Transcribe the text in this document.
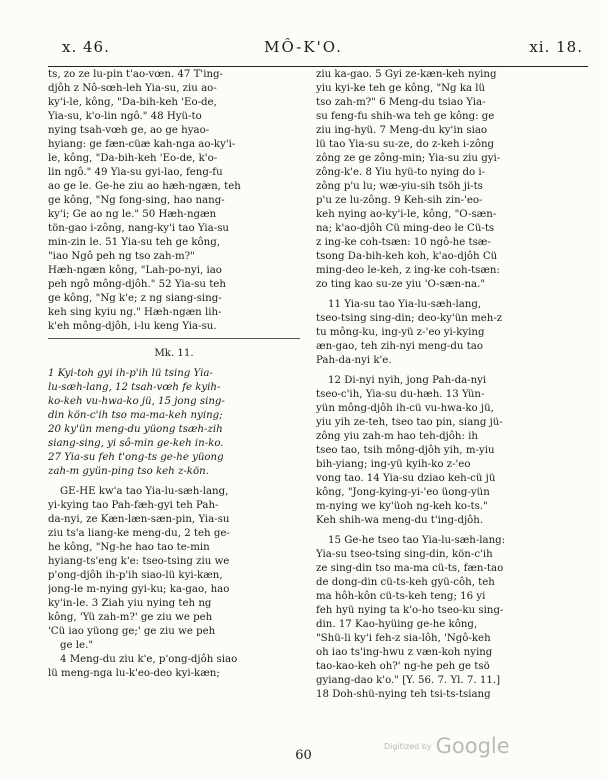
x. 46.	MÔ-K'O.	xi. 18.
ts, zo ze lu-pin t'ao-vœn. 47 T'ing-
djôh z Nô-sœh-leh Yia-su, ziu ao-
ky'i-le, kông, "Da-bih-keh 'Eo-de,
Yia-su, k'o-lin ngô." 48 Hyü-to
nying tsah-vœh ge, ao ge hyao-
hyiang: ge fæn-cüæ kah-nga ao-ky'i-
le, kông, "Da-bih-keh 'Eo-de, k'o-
lin ngô." 49 Yia-su gyi-lao, feng-fu
ao ge le. Ge-he ziu ao hæh-ngæn, teh
ge kông, "Ng fong-sing, hao nang-
ky'i; Ge ao ng le." 50 Hæh-ngæn
tön-gao i-zông, nang-ky'i tao Yia-su
min-zin le. 51 Yia-su teh ge kông,
"iao Ngô peh ng tso zah-m?"
Hæh-ngæn kông, "Lah-po-nyi, iao
peh ngô mông-djôh." 52 Yia-su teh
ge kông, "Ng k'e; z ng siang-sing-
keh sing kyiu ng." Hæh-ngæn lih-
k'eh mông-djôh, i-lu keng Yia-su.
Mk. 11.
1 Kyi-toh gyi ih-p'ih lü tsing Yia-
lu-sæh-lang, 12 tsah-vœh fe kyih-
ko-keh vu-hwa-ko jü, 15 jong sing-
din kön-c'ih tso ma-ma-keh nying;
20 ky'ün meng-du yüong tsæh-zih
siang-sing, yi sô-min ge-keh in-ko.
27 Yia-su feh t'ong-ts ge-he yüong
zah-m gyün-ping tso keh z-kön.
GE-HE kw'a tao Yia-lu-sæh-lang,
yi-kying tao Pah-fæh-gyi teh Pah-
da-nyi, ze Kæn-læn-sæn-pin, Yia-su
ziu ts'a liang-ke meng-du, 2 teh ge-
he kông, "Ng-he hao tao te-min
hyiang-ts'eng k'e: tseo-tsing ziu we
p'ong-djôh ih-p'ih siao-lü kyi-kæn,
jong-le m-nying gyi-ku; ka-gao, hao
ky'in-le. 3 Ziah yiu nying teh ng
kông, 'Yü zah-m?' ge ziu we peh
'Cü iao yüong ge;' ge ziu we peh
ge le."
4 Meng-du ziu k'e, p'ong-djôh siao
lü meng-nga lu-k'eo-deo kyi-kæn;
ziu ka-gao. 5 Gyi ze-kæn-keh nying
yiu kyi-ke teh ge kông, "Ng ka lü
tso zah-m?" 6 Meng-du tsiao Yia-
su feng-fu shih-wa teh ge kông: ge
ziu ing-hyü. 7 Meng-du ky'in siao
lü tao Yia-su su-ze, do z-keh i-zông
zông ze ge zông-min; Yia-su ziu gyi-
zông-k'e. 8 Yiu hyü-to nying do i-
zông p'u lu; wæ-yiu-sih tsöh ji-ts
p'u ze lu-zông. 9 Keh-sih zin-'eo-
keh nying ao-ky'i-le, kông, "O-sæn-
na; k'ao-djôh Cü ming-deo le Cü-ts
z ing-ke coh-tsæn: 10 ngô-he tsæ-
tsong Da-bih-keh koh, k'ao-djôh Cü
ming-deo le-keh, z ing-ke coh-tsæn:
zo ting kao su-ze yiu 'O-sæn-na."
11 Yia-su tao Yia-lu-sæh-lang,
tseo-tsing sing-din; deo-ky'ün meh-z
tu mông-ku, ing-yü z-'eo yi-kying
æn-gao, teh zih-nyi meng-du tao
Pah-da-nyi k'e.
12 Di-nyi nyih, jong Pah-da-nyi
tseo-c'ih, Yia-su du-hæh. 13 Yün-
yün mông-djôh ih-cü vu-hwa-ko jü,
yiu yih ze-teh, tseo tao pin, siang jü-
zông yiu zah-m hao teh-djôh: ih
tseo tao, tsih mông-djôh yih, m-yiu
bih-yiang; ing-yü kyih-ko z-'eo
vong tao. 14 Yia-su dziao keh-cü jü
kông, "Jong-kying-yi-'eo üong-yün
m-nying we ky'üoh ng-keh ko-ts."
Keh shih-wa meng-du t'ing-djôh.
15 Ge-he tseo tao Yia-lu-sæh-lang:
Yia-su tseo-tsing sing-din, kön-c'ih
ze sing-din tso ma-ma cü-ts, fæn-tao
de dong-din cü-ts-keh gyü-côh, teh
ma hôh-kôn cü-ts-keh teng; 16 yi
feh hyü nying ta k'o-ho tseo-ku sing-
din. 17 Kao-hyüing ge-he kông,
"Shü-li ky'i feh-z sia-lôh, 'Ngô-keh
oh iao ts'ing-hwu z væn-koh nying
tao-kao-keh oh?' ng-he peh ge tsö
gyiang-dao k'o." [Y. 56. 7. Yl. 7. 11.]
18 Doh-shü-nying teh tsi-ts-tsiang
60
Digitized by Google
